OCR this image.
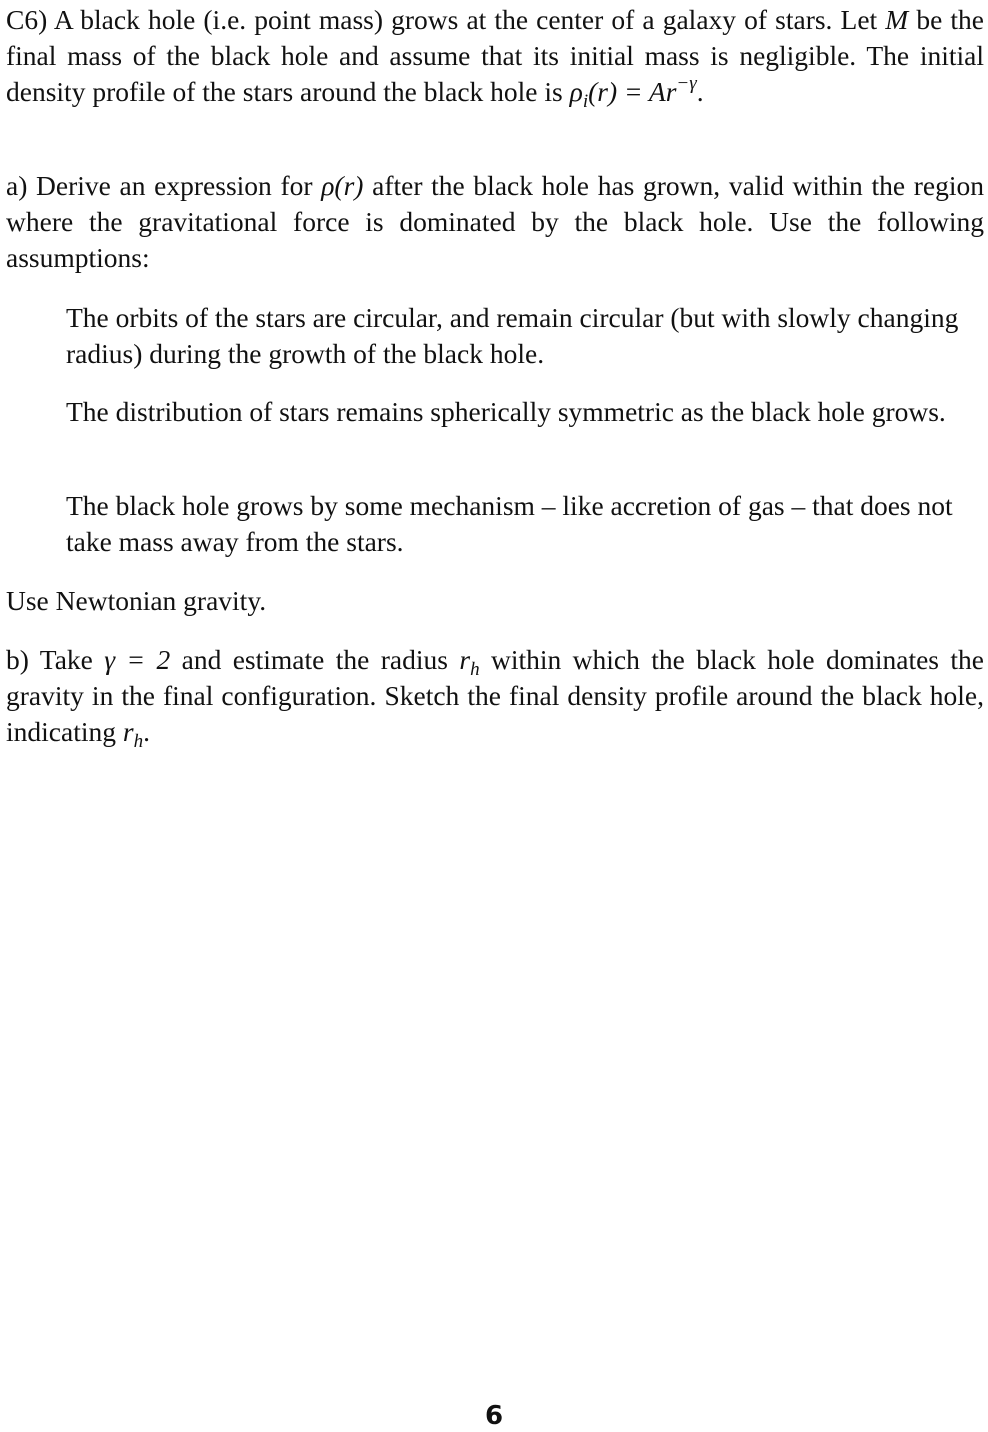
C6) A black hole (i.e. point mass) grows at the center of a galaxy of stars. Let M be the final mass of the black hole and assume that its initial mass is negligible. The initial density profile of the stars around the black hole is $\rho_i(r) = Ar^{-\gamma}$.

a) Derive an expression for ρ(r) after the black hole has grown, valid within the region where the gravitational force is dominated by the black hole. Use the following assumptions:

The orbits of the stars are circular, and remain circular (but with slowly changing radius) during the growth of the black hole.

The distribution of stars remains spherically symmetric as the black hole grows.

The black hole grows by some mechanism – like accretion of gas – that does not take mass away from the stars.

Use Newtonian gravity.

b) Take γ = 2 and estimate the radius $r_h$ within which the black hole dominates the gravity in the final configuration. Sketch the final density profile around the black hole, indicating $r_h$.

6
